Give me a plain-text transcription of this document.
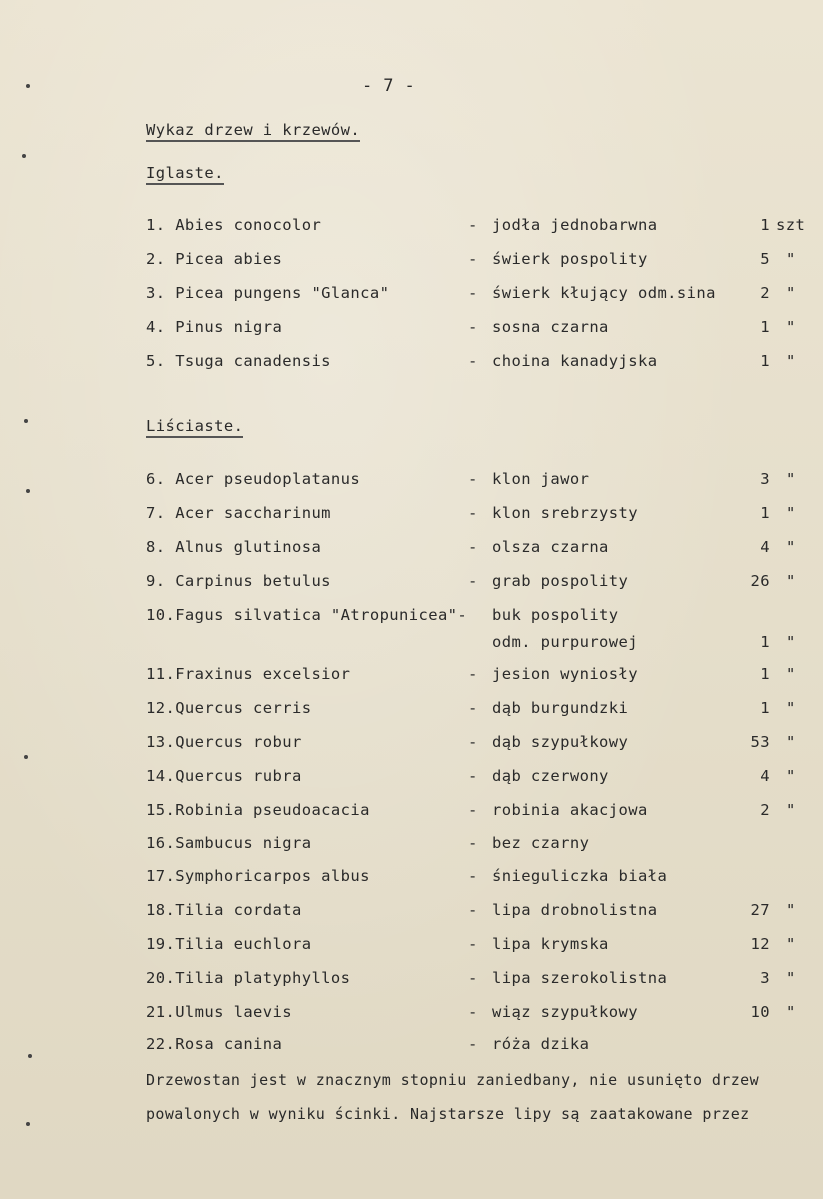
- 7 -
Wykaz drzew i krzewów.
Iglaste.
1. Abies conocolor	- jodła jednobarwna	1 szt
2. Picea abies	- świerk pospolity	5 "
3. Picea pungens "Glanca"	- świerk kłujący odm.sina	2 "
4. Pinus nigra	- sosna czarna	1 "
5. Tsuga canadensis	- choina kanadyjska	1 "
Liściaste.
6. Acer pseudoplatanus	- klon jawor	3 "
7. Acer saccharinum	- klon srebrzysty	1 "
8. Alnus glutinosa	- olsza czarna	4 "
9. Carpinus betulus	- grab pospolity	26 "
10.Fagus silvatica "Atropunicea"- buk pospolity
odm. purpurowej	1 "
11.Fraxinus excelsior	- jesion wyniosły	1 "
12.Quercus cerris	- dąb burgundzki	1 "
13.Quercus robur	- dąb szypułkowy	53 "
14.Quercus rubra	- dąb czerwony	4 "
15.Robinia pseudoacacia	- robinia akacjowa	2 "
16.Sambucus nigra	- bez czarny
17.Symphoricarpos albus	- śnieguliczka biała
18.Tilia cordata	- lipa drobnolistna	27 "
19.Tilia euchlora	- lipa krymska	12 "
20.Tilia platyphyllos	- lipa szerokolistna	3 "
21.Ulmus laevis	- wiąz szypułkowy	10 "
22.Rosa canina	- róża dzika
Drzewostan jest w znacznym stopniu zaniedbany, nie usunięto drzew
powalonych w wyniku ścinki. Najstarsze lipy są zaatakowane przez
